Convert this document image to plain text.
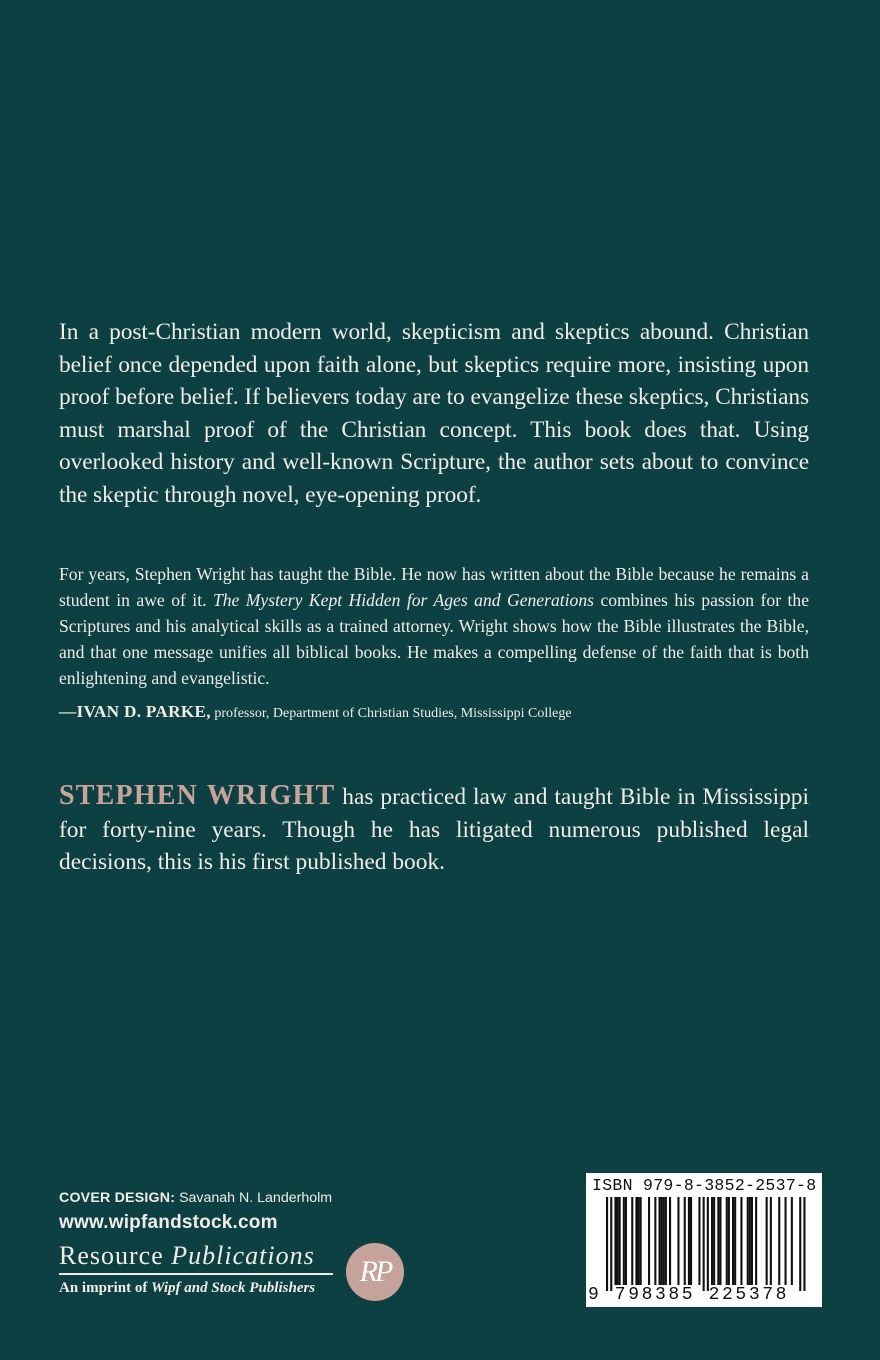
In a post-Christian modern world, skepticism and skeptics abound. Christian belief once depended upon faith alone, but skeptics require more, insisting upon proof before belief. If believers today are to evangelize these skeptics, Christians must marshal proof of the Christian concept. This book does that. Using overlooked history and well-known Scripture, the author sets about to convince the skeptic through novel, eye-opening proof.
For years, Stephen Wright has taught the Bible. He now has written about the Bible because he remains a student in awe of it. The Mystery Kept Hidden for Ages and Generations combines his passion for the Scriptures and his analytical skills as a trained attorney. Wright shows how the Bible illustrates the Bible, and that one message unifies all biblical books. He makes a compelling defense of the faith that is both enlightening and evangelistic.
—IVAN D. PARKE, professor, Department of Christian Studies, Mississippi College
STEPHEN WRIGHT has practiced law and taught Bible in Mississippi for forty-nine years. Though he has litigated numerous published legal decisions, this is his first published book.
COVER DESIGN: Savanah N. Landerholm
www.wipfandstock.com
Resource Publications
An imprint of Wipf and Stock Publishers	RP
ISBN 979-8-3852-2537-8
9 798385 225378
